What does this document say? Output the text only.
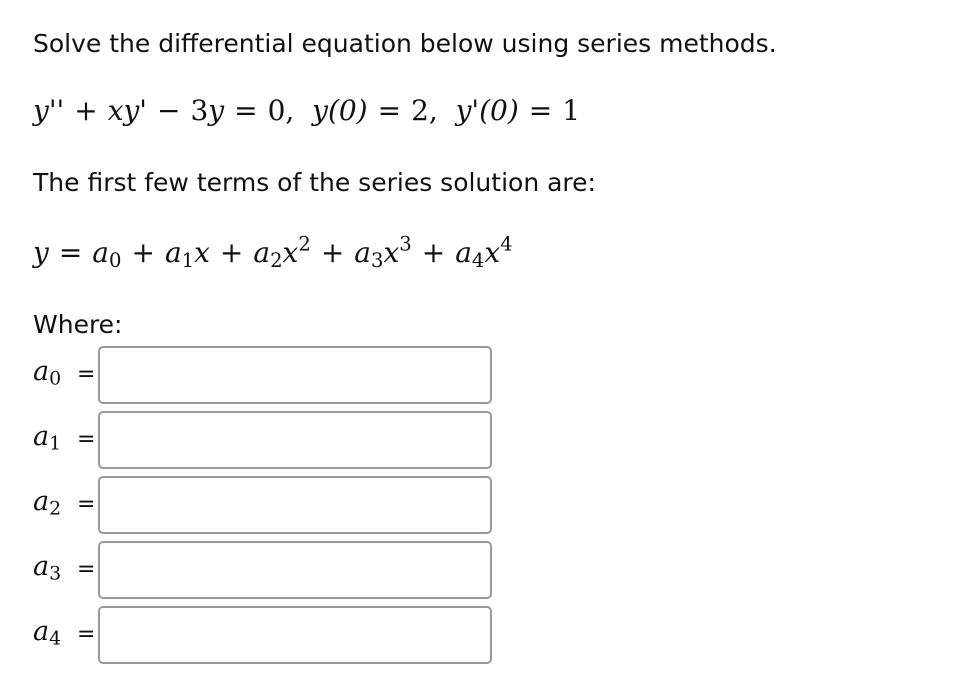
Solve the differential equation below using series methods.
y'' + xy' − 3y = 0, y(0) = 2, y'(0) = 1
The first few terms of the series solution are:
$y = a_0 + a_1x + a_2x^2 + a_3x^3 + a_4x^4$
Where:
$a_0$ =
$a_1$ =
$a_2$ =
$a_3$ =
$a_4$ =
